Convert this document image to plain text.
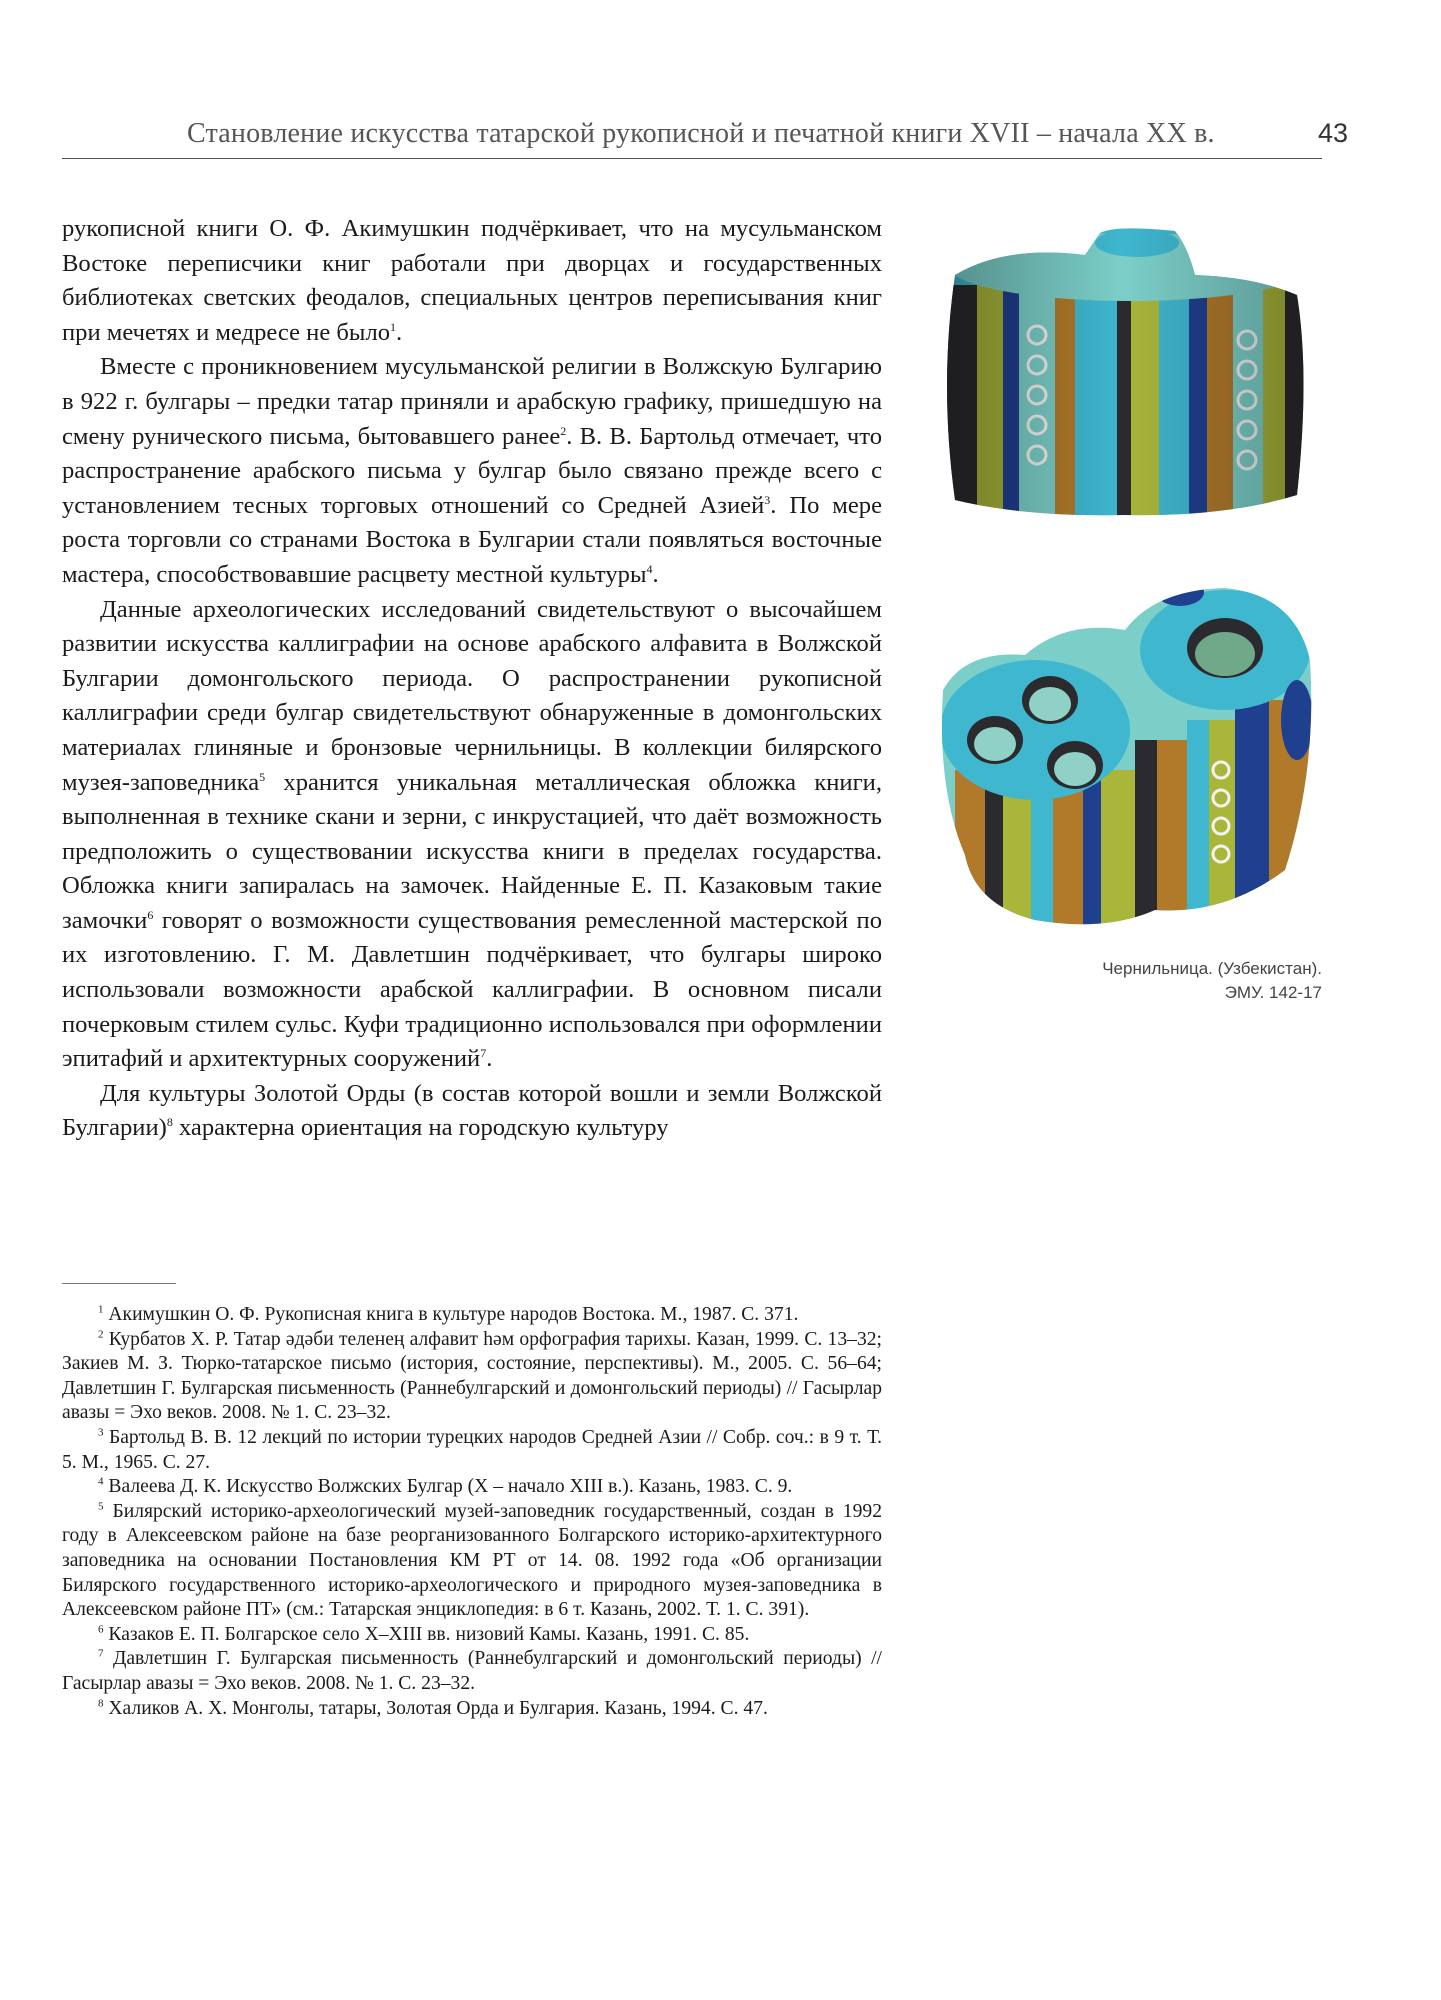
Становление искусства татарской рукописной и печатной книги XVII – начала XX в.	43

рукописной книги О. Ф. Акимушкин подчёркивает, что на мусульманском Востоке переписчики книг работали при дворцах и государственных библиотеках светских феодалов, специальных центров переписывания книг при мечетях и медресе не было$^1$.

Вместе с проникновением мусульманской религии в Волжскую Булгарию в 922 г. булгары – предки татар приняли и арабскую графику, пришедшую на смену рунического письма, бытовавшего ранее$^2$. В. В. Бартольд отмечает, что распространение арабского письма у булгар было связано прежде всего с установлением тесных торговых отношений со Средней Азией$^3$. По мере роста торговли со странами Востока в Булгарии стали появляться восточные мастера, способствовавшие расцвету местной культуры$^4$.

Данные археологических исследований свидетельствуют о высочайшем развитии искусства каллиграфии на основе арабского алфавита в Волжской Булгарии домонгольского периода. О распространении рукописной каллиграфии среди булгар свидетельствуют обнаруженные в домонгольских материалах глиняные и бронзовые чернильницы. В коллекции билярского музея-заповедника$^5$ хранится уникальная металлическая обложка книги, выполненная в технике скани и зерни, с инкрустацией, что даёт возможность предположить о существовании искусства книги в пределах государства. Обложка книги запиралась на замочек. Найденные Е. П. Казаковым такие замочки$^6$ говорят о возможности существования ремесленной мастерской по их изготовлению. Г. М. Давлетшин подчёркивает, что булгары широко использовали возможности арабской каллиграфии. В основном писали почерковым стилем сульс. Куфи традиционно использовался при оформлении эпитафий и архитектурных сооружений$^7$.

Для культуры Золотой Орды (в состав которой вошли и земли Волжской Булгарии)$^8$ характерна ориентация на городскую культуру

$^1$ Акимушкин О. Ф. Рукописная книга в культуре народов Востока. М., 1987. С. 371.

$^2$ Курбатов Х. Р. Татар әдәби теленең алфавит һәм орфография тарихы. Казан, 1999. С. 13–32; Закиев М. З. Тюрко-татарское письмо (история, состояние, перспективы). М., 2005. С. 56–64; Давлетшин Г. Булгарская письменность (Раннебулгарский и домонгольский периоды) // Гасырлар авазы = Эхо веков. 2008. № 1. С. 23–32.

$^3$ Бартольд В. В. 12 лекций по истории турецких народов Средней Азии // Собр. соч.: в 9 т. Т. 5. М., 1965. С. 27.

$^4$ Валеева Д. К. Искусство Волжских Булгар (Х – начало XIII в.). Казань, 1983. С. 9.

$^5$ Билярский историко-археологический музей-заповедник государственный, создан в 1992 году в Алексеевском районе на базе реорганизованного Болгарского историко-архитектурного заповедника на основании Постановления КМ РТ от 14. 08. 1992 года «Об организации Билярского государственного историко-археологического и природного музея-заповедника в Алексеевском районе ПТ» (см.: Татарская энциклопедия: в 6 т. Казань, 2002. Т. 1. С. 391).

$^6$ Казаков Е. П. Болгарское село X–XIII вв. низовий Камы. Казань, 1991. С. 85.

$^7$ Давлетшин Г. Булгарская письменность (Раннебулгарский и домонгольский периоды) // Гасырлар авазы = Эхо веков. 2008. № 1. С. 23–32.

$^8$ Халиков А. Х. Монголы, татары, Золотая Орда и Булгария. Казань, 1994. С. 47.

Чернильница. (Узбекистан).
ЭМУ. 142-17
